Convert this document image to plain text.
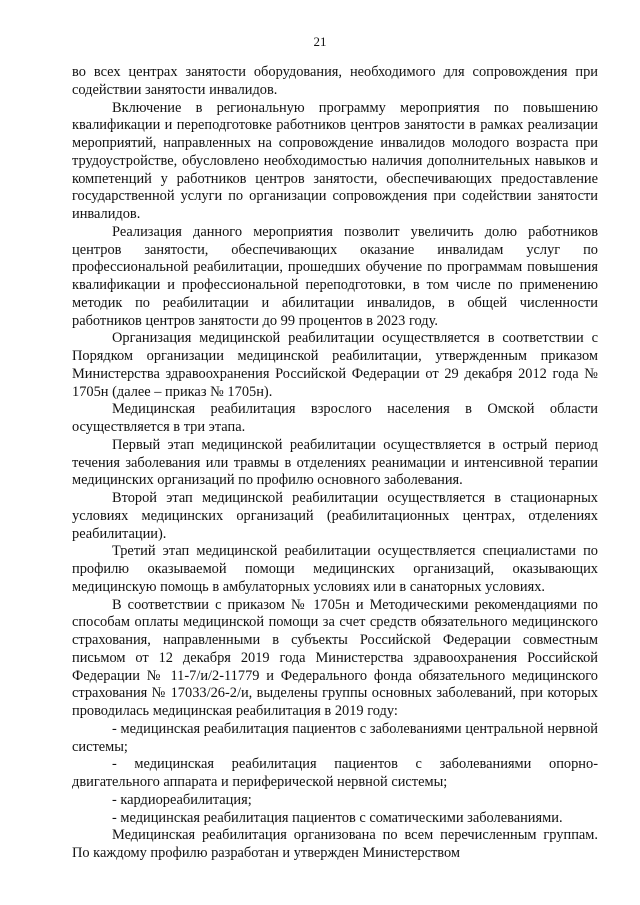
21

во всех центрах занятости оборудования, необходимого для сопровождения при содействии занятости инвалидов.

Включение в региональную программу мероприятия по повышению квалификации и переподготовке работников центров занятости в рамках реализации мероприятий, направленных на сопровождение инвалидов молодого возраста при трудоустройстве, обусловлено необходимостью наличия дополнительных навыков и компетенций у работников центров занятости, обеспечивающих предоставление государственной услуги по организации сопровождения при содействии занятости инвалидов.

Реализация данного мероприятия позволит увеличить долю работников центров занятости, обеспечивающих оказание инвалидам услуг по профессиональной реабилитации, прошедших обучение по программам повышения квалификации и профессиональной переподготовки, в том числе по применению методик по реабилитации и абилитации инвалидов, в общей численности работников центров занятости до 99 процентов в 2023 году.

Организация медицинской реабилитации осуществляется в соответствии с Порядком организации медицинской реабилитации, утвержденным приказом Министерства здравоохранения Российской Федерации от 29 декабря 2012 года № 1705н (далее – приказ № 1705н).

Медицинская реабилитация взрослого населения в Омской области осуществляется в три этапа.

Первый этап медицинской реабилитации осуществляется в острый период течения заболевания или травмы в отделениях реанимации и интенсивной терапии медицинских организаций по профилю основного заболевания.

Второй этап медицинской реабилитации осуществляется в стационарных условиях медицинских организаций (реабилитационных центрах, отделениях реабилитации).

Третий этап медицинской реабилитации осуществляется специалистами по профилю оказываемой помощи медицинских организаций, оказывающих медицинскую помощь в амбулаторных условиях или в санаторных условиях.

В соответствии с приказом № 1705н и Методическими рекомендациями по способам оплаты медицинской помощи за счет средств обязательного медицинского страхования, направленными в субъекты Российской Федерации совместным письмом от 12 декабря 2019 года Министерства здравоохранения Российской Федерации № 11-7/и/2-11779 и Федерального фонда обязательного медицинского страхования № 17033/26-2/и, выделены группы основных заболеваний, при которых проводилась медицинская реабилитация в 2019 году:

- медицинская реабилитация пациентов с заболеваниями центральной нервной системы;

- медицинская реабилитация пациентов с заболеваниями опорно-двигательного аппарата и периферической нервной системы;

- кардиореабилитация;

- медицинская реабилитация пациентов с соматическими заболеваниями.

Медицинская реабилитация организована по всем перечисленным группам. По каждому профилю разработан и утвержден Министерством
